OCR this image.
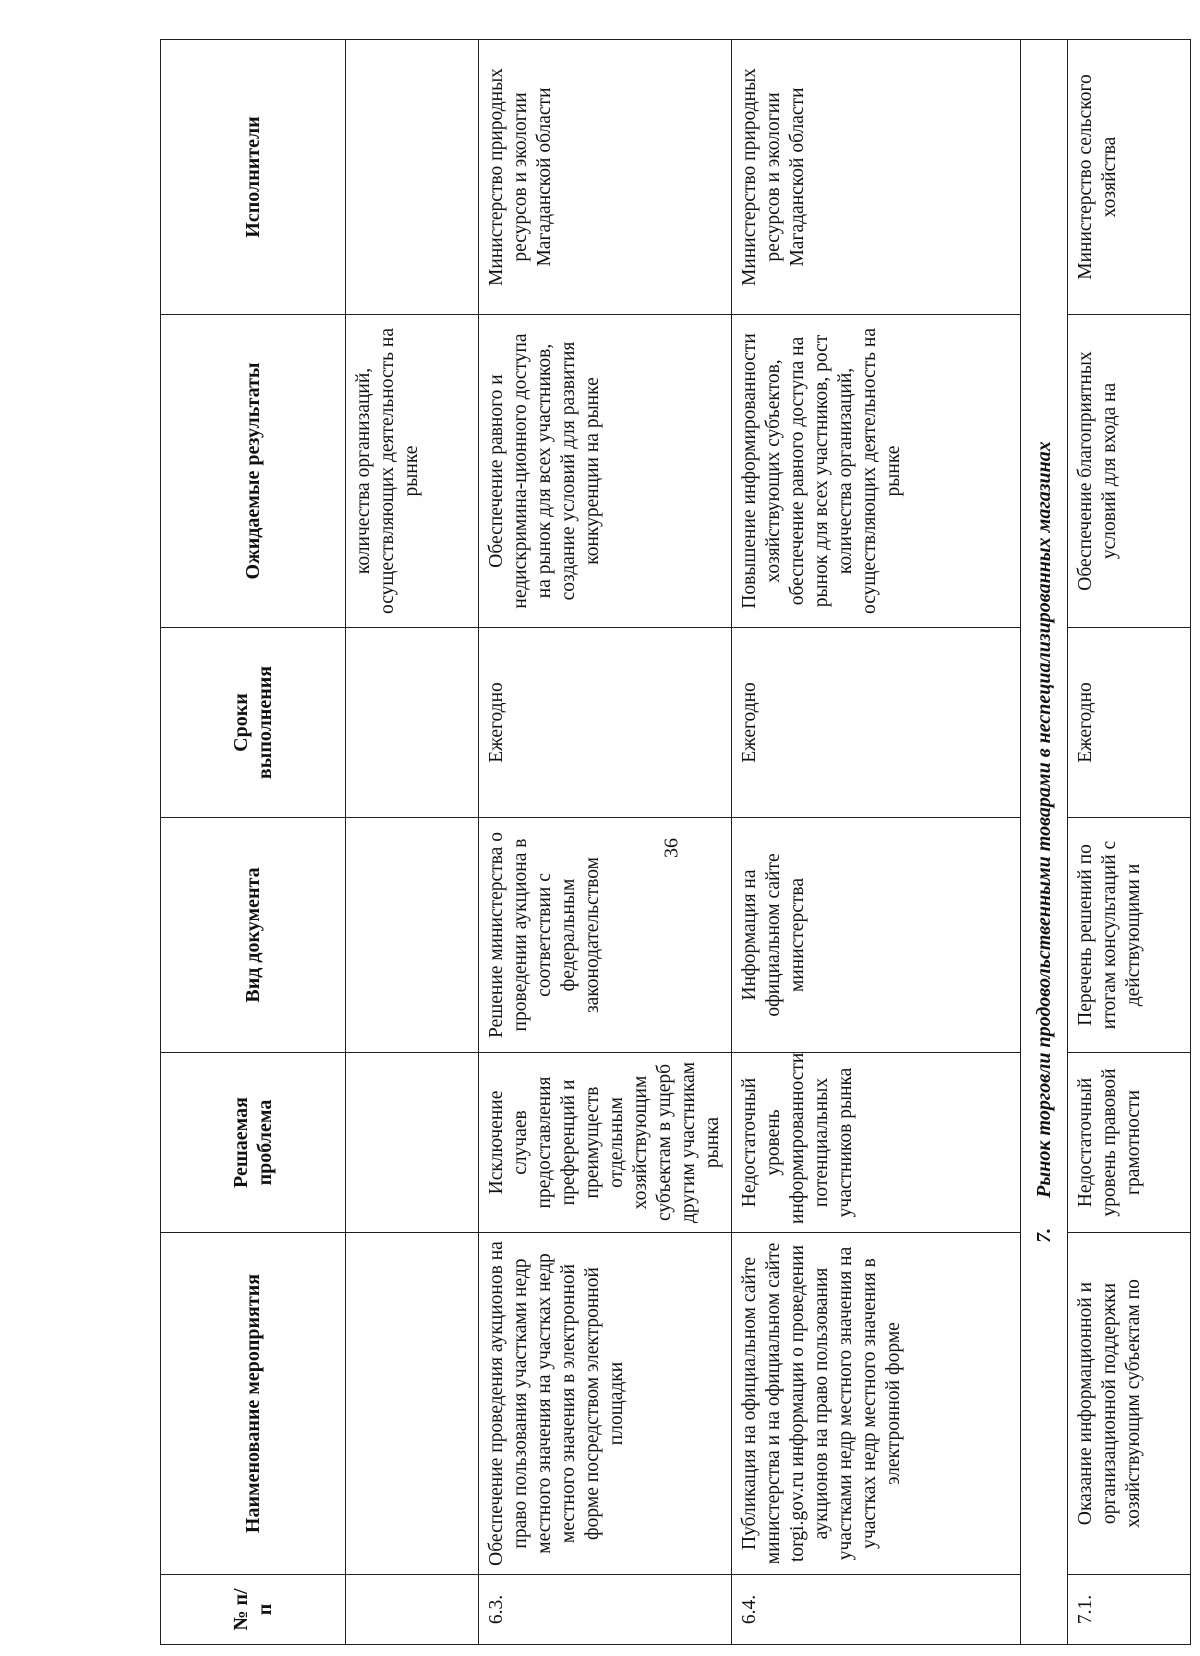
36
№ п/п	Наименование мероприятия	Решаемая проблема	Вид документа	Сроки выполнения	Ожидаемые результаты	Исполнители
					количества организаций, осуществляющих деятельность на рынке	
6.3.	Обеспечение проведения аукционов на право пользования участками недр местного значения на участках недр местного значения в электронной форме посредством электронной площадки	Исключение случаев предоставления преференций и преимуществ отдельным хозяйствующим субъектам в ущерб другим участникам рынка	Решение министерства о проведении аукциона в соответствии с федеральным законодательством	Ежегодно	Обеспечение равного и недискримина-ционного доступа на рынок для всех участников, создание условий для развития конкуренции на рынке	Министерство природных ресурсов и экологии Магаданской области
6.4.	Публикация на официальном сайте министерства и на официальном сайте torgi.gov.ru информации о проведении аукционов на право пользования участками недр местного значения на участках недр местного значения в электронной форме	Недостаточный уровень информированности потенциальных участников рынка	Информация на официальном сайте министерства	Ежегодно	Повышение информированности хозяйствующих субъектов, обеспечение равного доступа на рынок для всех участников, рост количества организаций, осуществляющих деятельность на рынке	Министерство природных ресурсов и экологии Магаданской области
7.      Рынок торговли продовольственными товарами в неспециализированных магазинах						
7.1.	Оказание информационной и организационной поддержки хозяйствующим субъектам по	Недостаточный уровень правовой грамотности	Перечень решений по итогам консультаций с действующими и	Ежегодно	Обеспечение благоприятных условий для входа на	Министерство сельского хозяйства
